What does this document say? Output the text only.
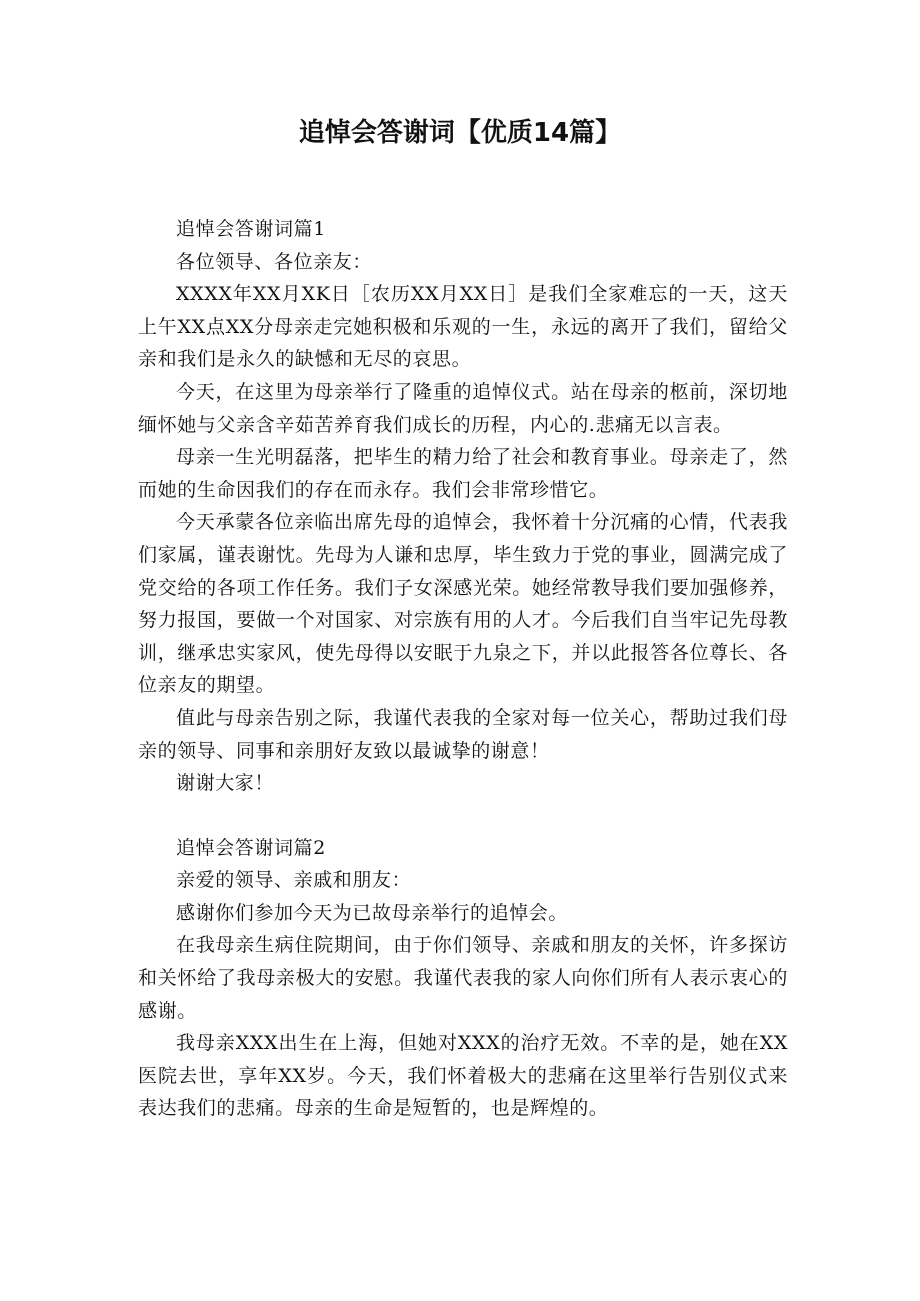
追悼会答谢词【优质14篇】

追悼会答谢词篇1

各位领导、各位亲友：

XXXX年XX月XK日［农历XX月XX日］是我们全家难忘的一天，这天上午XX点XX分母亲走完她积极和乐观的一生，永远的离开了我们，留给父亲和我们是永久的缺憾和无尽的哀思。

今天，在这里为母亲举行了隆重的追悼仪式。站在母亲的柩前，深切地缅怀她与父亲含辛茹苦养育我们成长的历程，内心的.悲痛无以言表。

母亲一生光明磊落，把毕生的精力给了社会和教育事业。母亲走了，然而她的生命因我们的存在而永存。我们会非常珍惜它。

今天承蒙各位亲临出席先母的追悼会，我怀着十分沉痛的心情，代表我们家属，谨表谢忱。先母为人谦和忠厚，毕生致力于党的事业，圆满完成了党交给的各项工作任务。我们子女深感光荣。她经常教导我们要加强修养，努力报国，要做一个对国家、对宗族有用的人才。今后我们自当牢记先母教训，继承忠实家风，使先母得以安眠于九泉之下，并以此报答各位尊长、各位亲友的期望。

值此与母亲告别之际，我谨代表我的全家对每一位关心，帮助过我们母亲的领导、同事和亲朋好友致以最诚挚的谢意！

谢谢大家！

追悼会答谢词篇2

亲爱的领导、亲戚和朋友：

感谢你们参加今天为已故母亲举行的追悼会。

在我母亲生病住院期间，由于你们领导、亲戚和朋友的关怀，许多探访和关怀给了我母亲极大的安慰。我谨代表我的家人向你们所有人表示衷心的感谢。

我母亲XXX出生在上海，但她对XXX的治疗无效。不幸的是，她在XX医院去世，享年XX岁。今天，我们怀着极大的悲痛在这里举行告别仪式来表达我们的悲痛。母亲的生命是短暂的，也是辉煌的。
